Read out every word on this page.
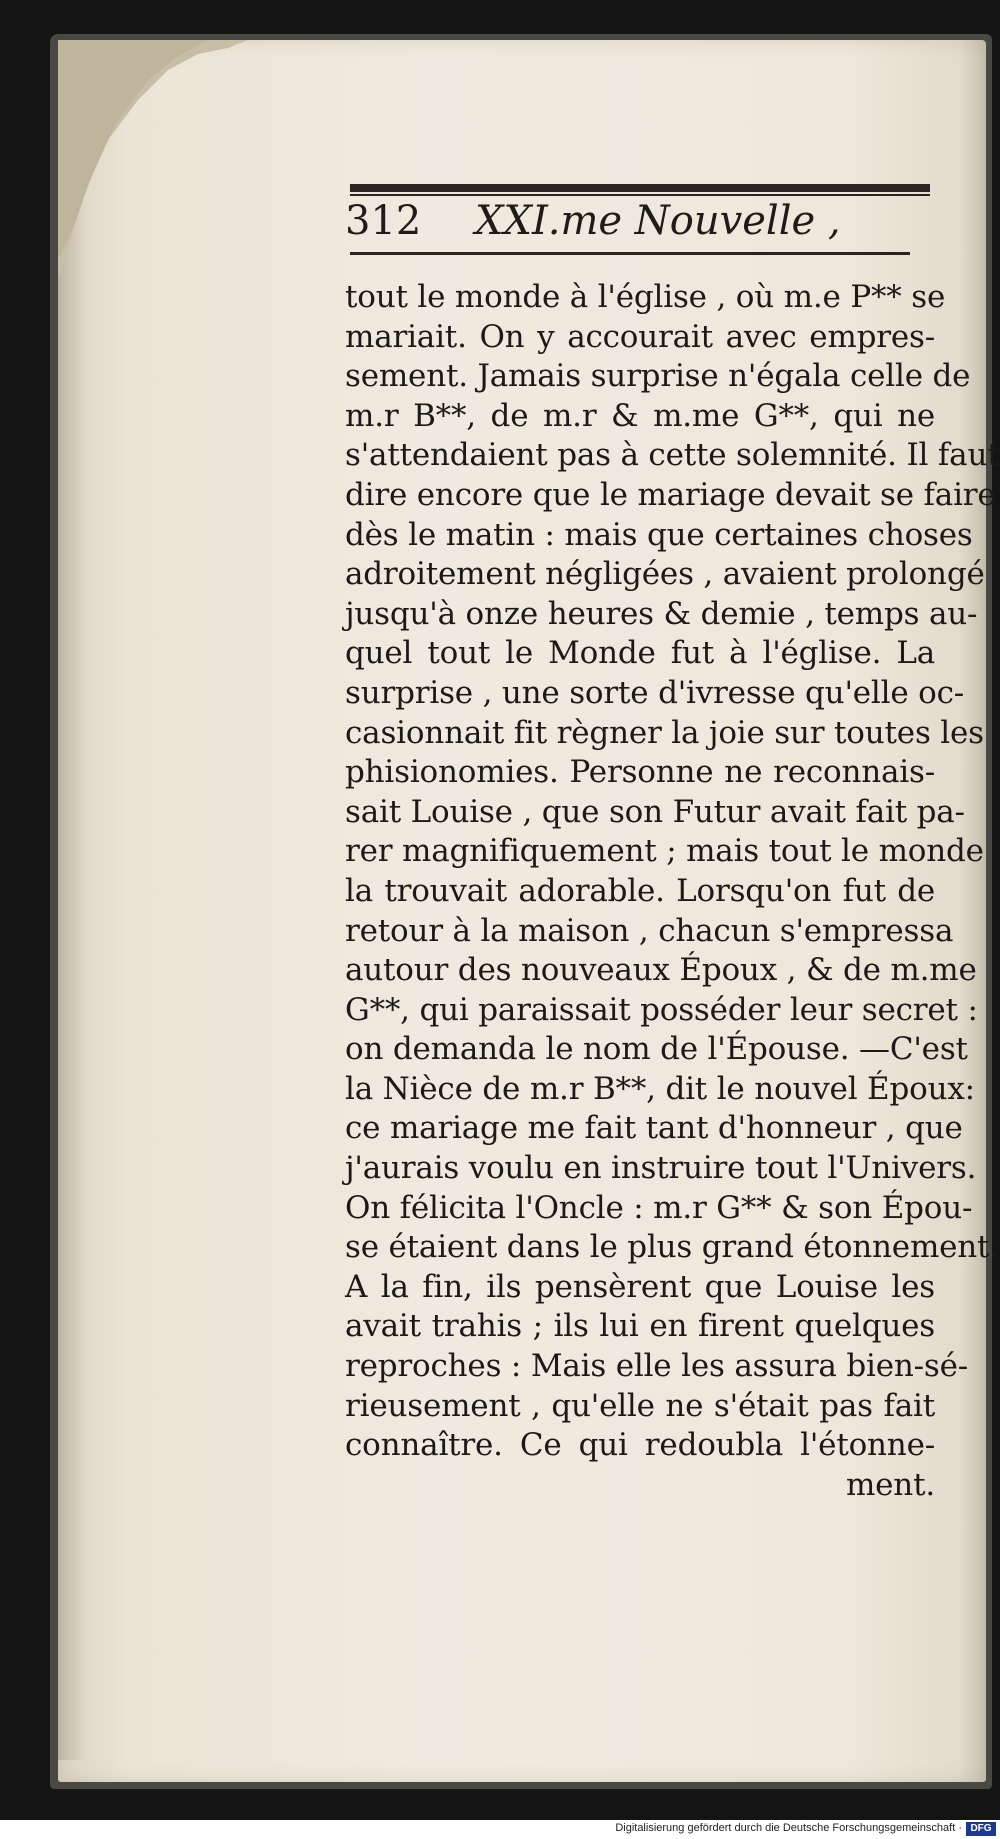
312 XXI.me Nouvelle ,
tout le monde à l'église , où m.e P** se
mariait. On y accourait avec empres-
sement. Jamais surprise n'égala celle de
m.r B**, de m.r & m.me G**, qui ne
s'attendaient pas à cette solemnité. Il faut
dire encore que le mariage devait se faire
dès le matin : mais que certaines choses
adroitement négligées , avaient prolongé
jusqu'à onze heures & demie , temps au-
quel tout le Monde fut à l'église. La
surprise , une sorte d'ivresse qu'elle oc-
casionnait fit règner la joie sur toutes les
phisionomies. Personne ne reconnais-
sait Louise , que son Futur avait fait pa-
rer magnifiquement ; mais tout le monde
la trouvait adorable. Lorsqu'on fut de
retour à la maison , chacun s'empressa
autour des nouveaux Époux , & de m.me
G**, qui paraissait posséder leur secret :
on demanda le nom de l'Épouse. —C'est
la Nièce de m.r B**, dit le nouvel Époux:
ce mariage me fait tant d'honneur , que
j'aurais voulu en instruire tout l'Univers.
On félicita l'Oncle : m.r G** & son Épou-
se étaient dans le plus grand étonnement.
A la fin, ils pensèrent que Louise les
avait trahis ; ils lui en firent quelques
reproches : Mais elle les assura bien-sé-
rieusement , qu'elle ne s'était pas fait
connaître. Ce qui redoubla l'étonne-
ment.
Digitalisierung gefördert durch die Deutsche Forschungsgemeinschaft · DFG
